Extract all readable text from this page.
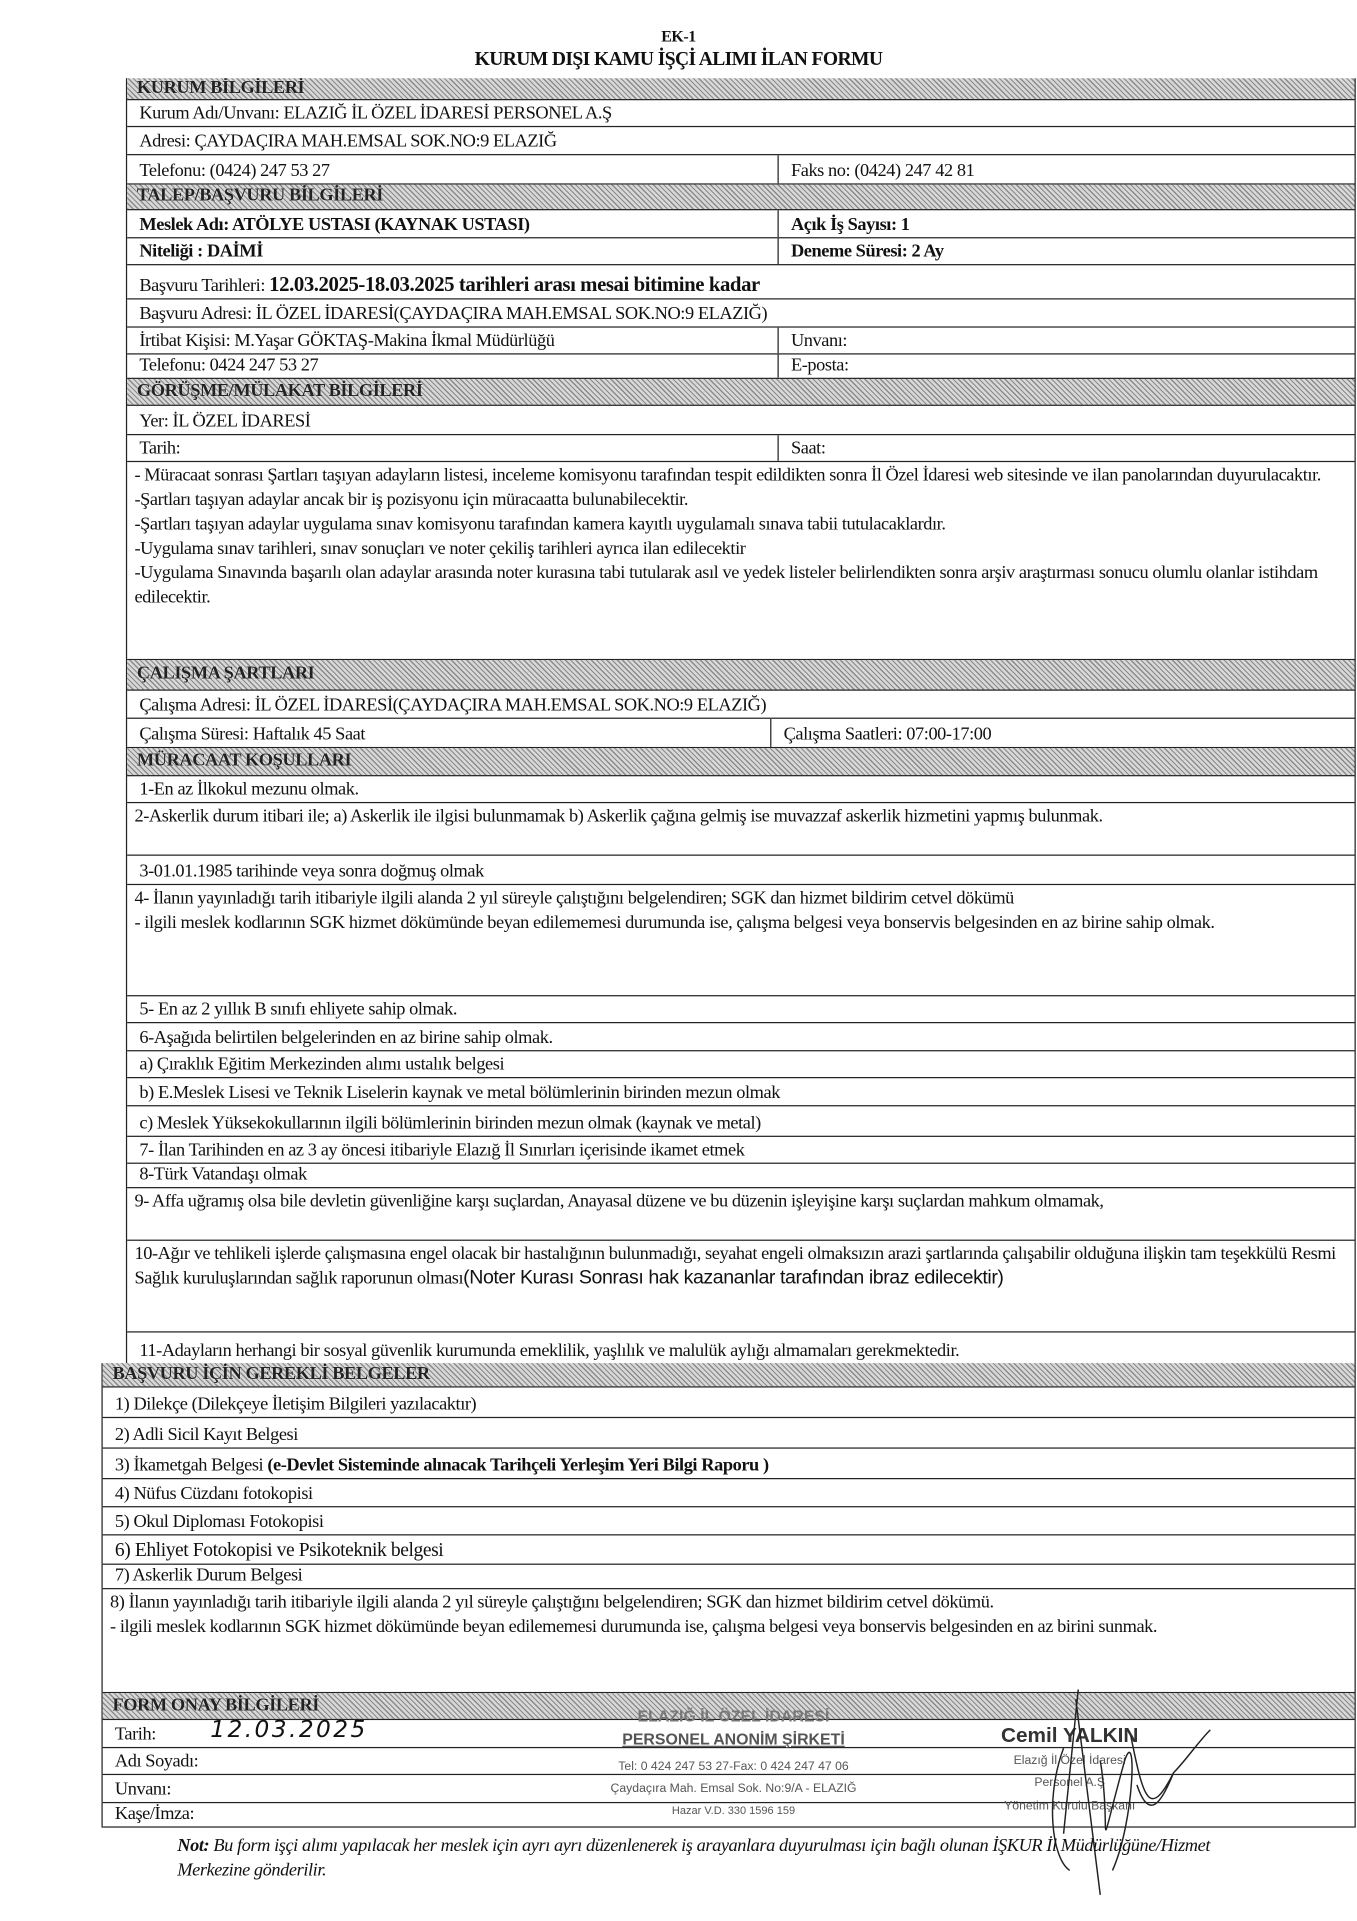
EK-1
KURUM DIŞI KAMU İŞÇİ ALIMI İLAN FORMU
KURUM BİLGİLERİ
Kurum Adı/Unvanı: ELAZIĞ İL ÖZEL İDARESİ PERSONEL A.Ş
Adresi: ÇAYDAÇIRA MAH.EMSAL SOK.NO:9 ELAZIĞ
Telefonu: (0424) 247 53 27	Faks no: (0424) 247 42 81
TALEP/BAŞVURU BİLGİLERİ
Meslek Adı: ATÖLYE USTASI (KAYNAK USTASI)	Açık İş Sayısı: 1
Niteliği : DAİMİ	Deneme Süresi: 2 Ay
Başvuru Tarihleri: 12.03.2025-18.03.2025 tarihleri arası mesai bitimine kadar
Başvuru Adresi: İL ÖZEL İDARESİ(ÇAYDAÇIRA MAH.EMSAL SOK.NO:9 ELAZIĞ)
İrtibat Kişisi: M.Yaşar GÖKTAŞ-Makina İkmal Müdürlüğü	Unvanı:
Telefonu: 0424 247 53 27	E-posta:
GÖRÜŞME/MÜLAKAT BİLGİLERİ
Yer: İL ÖZEL İDARESİ
Tarih:	Saat:
- Müracaat sonrası Şartları taşıyan adayların listesi, inceleme komisyonu tarafından tespit edildikten sonra İl Özel İdaresi web sitesinde ve ilan panolarından duyurulacaktır.
-Şartları taşıyan adaylar ancak bir iş pozisyonu için müracaatta bulunabilecektir.
-Şartları taşıyan adaylar uygulama sınav komisyonu tarafından kamera kayıtlı uygulamalı sınava tabii tutulacaklardır.
-Uygulama sınav tarihleri, sınav sonuçları ve noter çekiliş tarihleri ayrıca ilan edilecektir
-Uygulama Sınavında başarılı olan adaylar arasında noter kurasına tabi tutularak asıl ve yedek listeler belirlendikten sonra arşiv araştırması sonucu olumlu olanlar istihdam edilecektir.
ÇALIŞMA ŞARTLARI
Çalışma Adresi: İL ÖZEL İDARESİ(ÇAYDAÇIRA MAH.EMSAL SOK.NO:9 ELAZIĞ)
Çalışma Süresi: Haftalık 45 Saat	Çalışma Saatleri: 07:00-17:00
MÜRACAAT KOŞULLARI
1-En az İlkokul mezunu olmak.
2-Askerlik durum itibari ile; a) Askerlik ile ilgisi bulunmamak b) Askerlik çağına gelmiş ise muvazzaf askerlik hizmetini yapmış bulunmak.
3-01.01.1985 tarihinde veya sonra doğmuş olmak
4- İlanın yayınladığı tarih itibariyle ilgili alanda 2 yıl süreyle çalıştığını belgelendiren; SGK dan hizmet bildirim cetvel dökümü
- ilgili meslek kodlarının SGK hizmet dökümünde beyan edilememesi durumunda ise, çalışma belgesi veya bonservis belgesinden en az birine sahip olmak.
5- En az 2 yıllık B sınıfı ehliyete sahip olmak.
6-Aşağıda belirtilen belgelerinden en az birine sahip olmak.
a) Çıraklık Eğitim Merkezinden alımı ustalık belgesi
b) E.Meslek Lisesi ve Teknik Liselerin kaynak ve metal bölümlerinin birinden mezun olmak
c) Meslek Yüksekokullarının ilgili bölümlerinin birinden mezun olmak (kaynak ve metal)
7- İlan Tarihinden en az 3 ay öncesi itibariyle Elazığ İl Sınırları içerisinde ikamet etmek
8-Türk Vatandaşı olmak
9- Affa uğramış olsa bile devletin güvenliğine karşı suçlardan, Anayasal düzene ve bu düzenin işleyişine karşı suçlardan mahkum olmamak,
10-Ağır ve tehlikeli işlerde çalışmasına engel olacak bir hastalığının bulunmadığı, seyahat engeli olmaksızın arazi şartlarında çalışabilir olduğuna ilişkin tam teşekkülü Resmi Sağlık kuruluşlarından sağlık raporunun olması(Noter Kurası Sonrası hak kazananlar tarafından ibraz edilecektir)
11-Adayların herhangi bir sosyal güvenlik kurumunda emeklilik, yaşlılık ve malulük aylığı almamaları gerekmektedir.
BAŞVURU İÇİN GEREKLİ BELGELER
1) Dilekçe (Dilekçeye İletişim Bilgileri yazılacaktır)
2) Adli Sicil Kayıt Belgesi
3) İkametgah Belgesi (e-Devlet Sisteminde alınacak Tarihçeli Yerleşim Yeri Bilgi Raporu )
4) Nüfus Cüzdanı fotokopisi
5) Okul Diploması Fotokopisi
6) Ehliyet Fotokopisi ve Psikoteknik belgesi
7) Askerlik Durum Belgesi
8) İlanın yayınladığı tarih itibariyle ilgili alanda 2 yıl süreyle çalıştığını belgelendiren; SGK dan hizmet bildirim cetvel dökümü.
- ilgili meslek kodlarının SGK hizmet dökümünde beyan edilememesi durumunda ise, çalışma belgesi veya bonservis belgesinden en az birini sunmak.
FORM ONAY BİLGİLERİ
Tarih:
Adı Soyadı:
Unvanı:
Kaşe/İmza:
12.03.2025
ELAZIĞ İL ÖZEL İDARESİ
PERSONEL ANONİM ŞİRKETİ
Tel: 0 424 247 53 27-Fax: 0 424 247 47 06
Çaydaçıra Mah. Emsal Sok. No:9/A - ELAZIĞ
Hazar V.D. 330 1596 159
Cemil YALKIN
Elazığ İl Özel İdaresi
Personel A.Ş
Yönetim Kurulu Başkanı
Not: Bu form işçi alımı yapılacak her meslek için ayrı ayrı düzenlenerek iş arayanlara duyurulması için bağlı olunan İŞKUR İl Müdürlüğüne/Hizmet Merkezine gönderilir.
